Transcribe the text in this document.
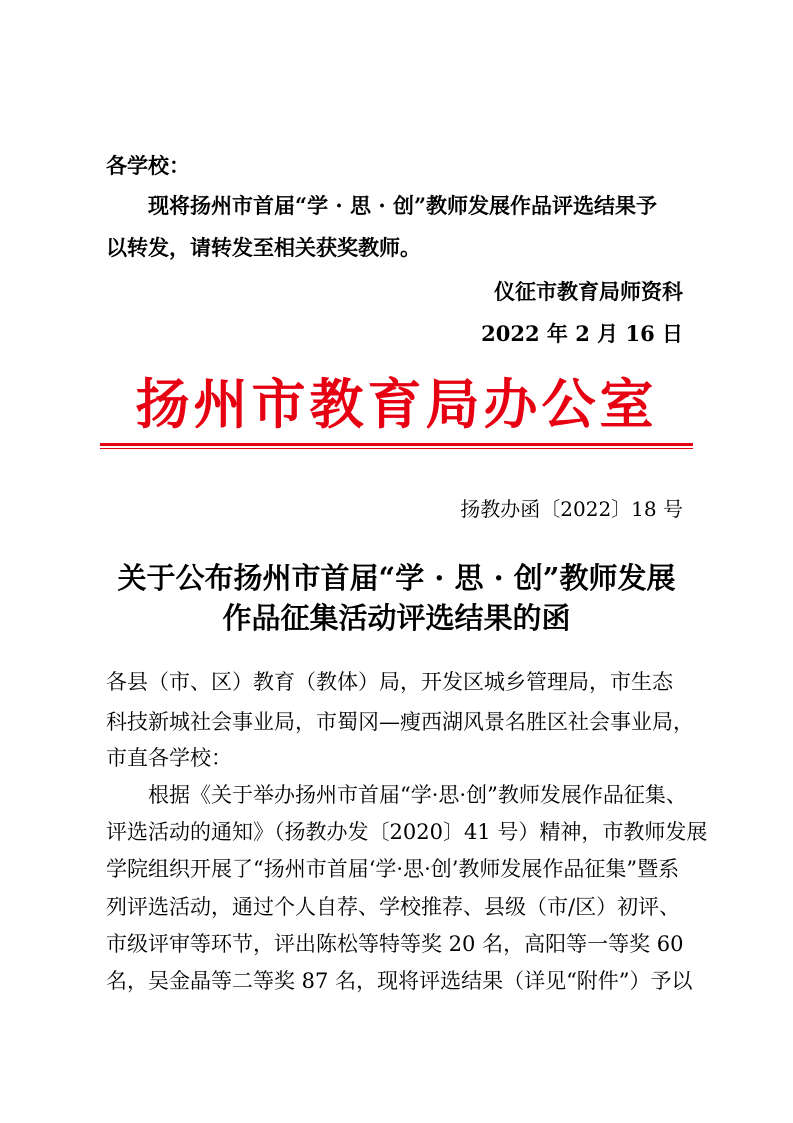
各学校：
现将扬州市首届“学 · 思 · 创”教师发展作品评选结果予
以转发，请转发至相关获奖教师。
仪征市教育局师资科
2022 年 2 月 16 日
扬州市教育局办公室
扬教办函〔2022〕18 号
关于公布扬州市首届“学 · 思 · 创”教师发展
作品征集活动评选结果的函
各县（市、区）教育（教体）局，开发区城乡管理局，市生态
科技新城社会事业局，市蜀冈—瘦西湖风景名胜区社会事业局，
市直各学校：
根据《关于举办扬州市首届“学·思·创”教师发展作品征集、
评选活动的通知》（扬教办发〔2020〕41 号）精神，市教师发展
学院组织开展了“扬州市首届‘学·思·创’教师发展作品征集”暨系
列评选活动，通过个人自荐、学校推荐、县级（市/区）初评、
市级评审等环节，评出陈松等特等奖 20 名，高阳等一等奖 60
名，吴金晶等二等奖 87 名，现将评选结果（详见“附件”）予以
